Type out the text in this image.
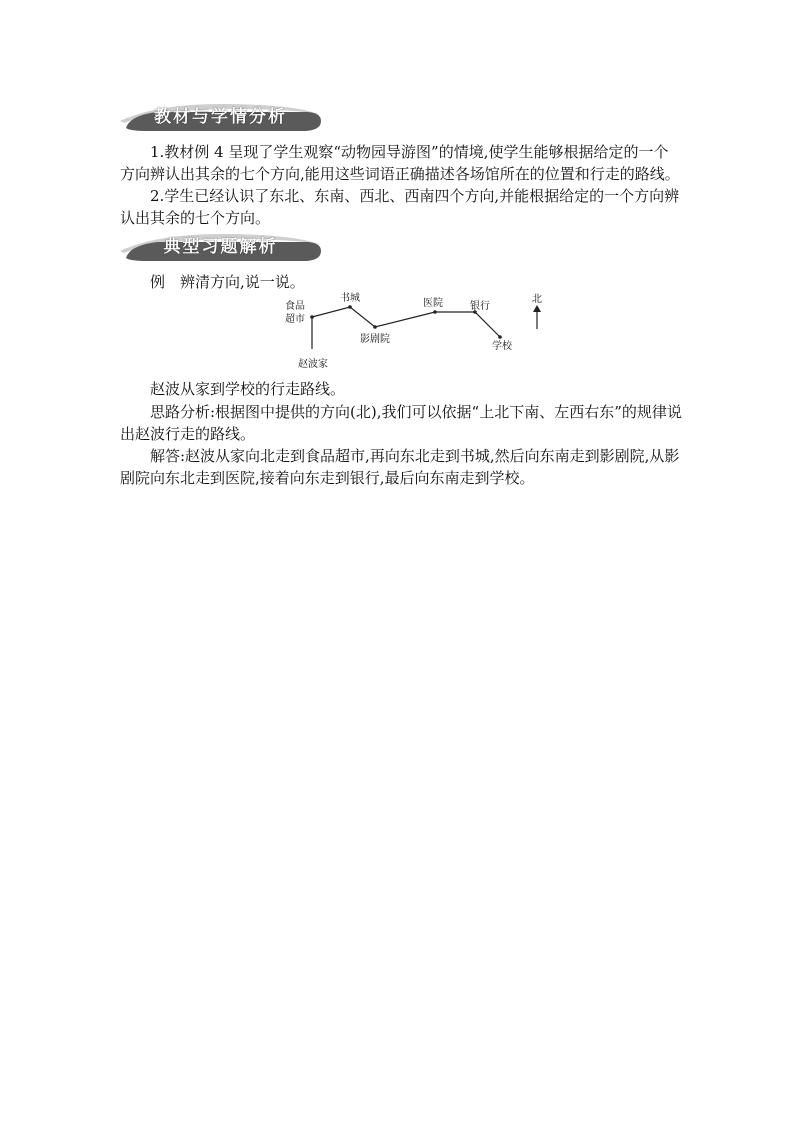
教材与学情分析

1.教材例 4 呈现了学生观察“动物园导游图”的情境,使学生能够根据给定的一个方向辨认出其余的七个方向,能用这些词语正确描述各场馆所在的位置和行走的路线。

2.学生已经认识了东北、东南、西北、西南四个方向,并能根据给定的一个方向辨认出其余的七个方向。

典型习题解析

例　辨清方向,说一说。

食品
超市
书城
影剧院
医院	银行
学校
赵波家
北

赵波从家到学校的行走路线。

思路分析:根据图中提供的方向(北),我们可以依据“上北下南、左西右东”的规律说出赵波行走的路线。

解答:赵波从家向北走到食品超市,再向东北走到书城,然后向东南走到影剧院,从影剧院向东北走到医院,接着向东走到银行,最后向东南走到学校。
